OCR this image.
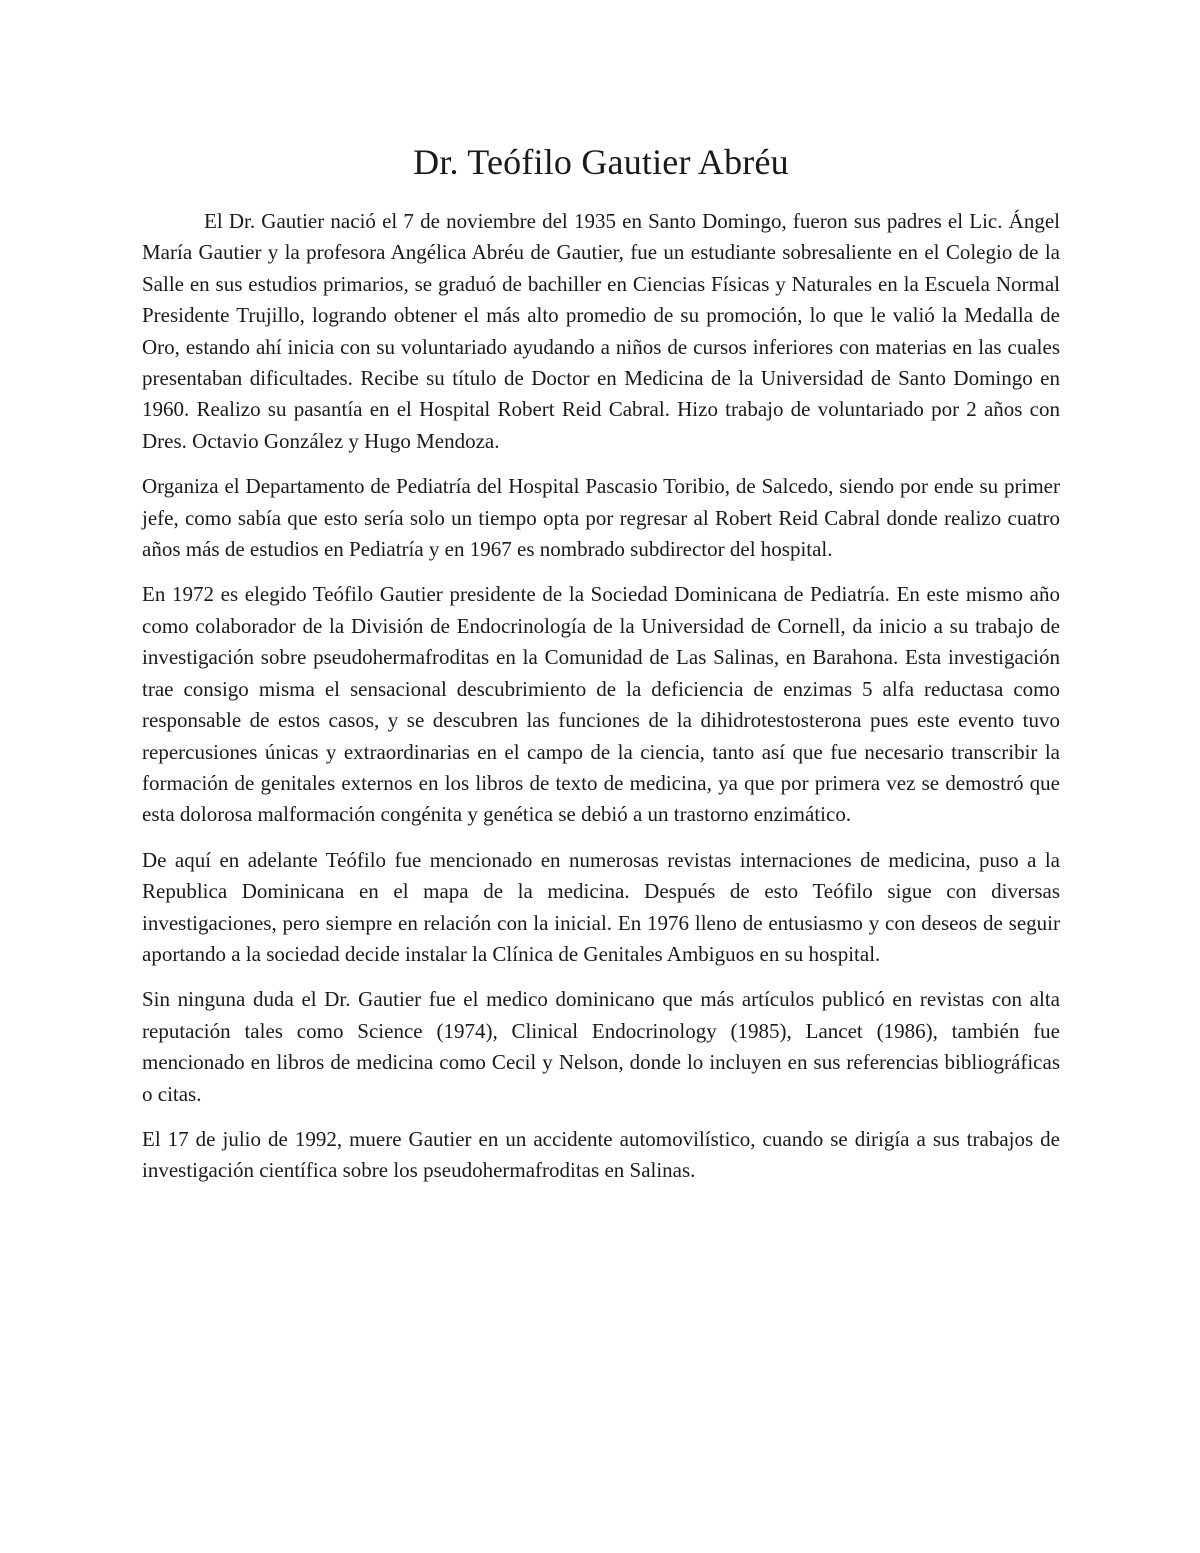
Dr. Teófilo Gautier Abréu

El Dr. Gautier nació el 7 de noviembre del 1935 en Santo Domingo, fueron sus padres el Lic. Ángel María Gautier y la profesora Angélica Abréu de Gautier, fue un estudiante sobresaliente en el Colegio de la Salle en sus estudios primarios, se graduó de bachiller en Ciencias Físicas y Naturales en la Escuela Normal Presidente Trujillo, logrando obtener el más alto promedio de su promoción, lo que le valió la Medalla de Oro, estando ahí inicia con su voluntariado ayudando a niños de cursos inferiores con materias en las cuales presentaban dificultades. Recibe su título de Doctor en Medicina de la Universidad de Santo Domingo en 1960. Realizo su pasantía en el Hospital Robert Reid Cabral. Hizo trabajo de voluntariado por 2 años con Dres. Octavio González y Hugo Mendoza.

Organiza el Departamento de Pediatría del Hospital Pascasio Toribio, de Salcedo, siendo por ende su primer jefe, como sabía que esto sería solo un tiempo opta por regresar al Robert Reid Cabral donde realizo cuatro años más de estudios en Pediatría y en 1967 es nombrado subdirector del hospital.

En 1972 es elegido Teófilo Gautier presidente de la Sociedad Dominicana de Pediatría. En este mismo año como colaborador de la División de Endocrinología de la Universidad de Cornell, da inicio a su trabajo de investigación sobre pseudohermafroditas en la Comunidad de Las Salinas, en Barahona. Esta investigación trae consigo misma el sensacional descubrimiento de la deficiencia de enzimas 5 alfa reductasa como responsable de estos casos, y se descubren las funciones de la dihidrotestosterona pues este evento tuvo repercusiones únicas y extraordinarias en el campo de la ciencia, tanto así que fue necesario transcribir la formación de genitales externos en los libros de texto de medicina, ya que por primera vez se demostró que esta dolorosa malformación congénita y genética se debió a un trastorno enzimático.

De aquí en adelante Teófilo fue mencionado en numerosas revistas internaciones de medicina, puso a la Republica Dominicana en el mapa de la medicina. Después de esto Teófilo sigue con diversas investigaciones, pero siempre en relación con la inicial. En 1976 lleno de entusiasmo y con deseos de seguir aportando a la sociedad decide instalar la Clínica de Genitales Ambiguos en su hospital.

Sin ninguna duda el Dr. Gautier fue el medico dominicano que más artículos publicó en revistas con alta reputación tales como Science (1974), Clinical Endocrinology (1985), Lancet (1986), también fue mencionado en libros de medicina como Cecil y Nelson, donde lo incluyen en sus referencias bibliográficas o citas.

El 17 de julio de 1992, muere Gautier en un accidente automovilístico, cuando se dirigía a sus trabajos de investigación científica sobre los pseudohermafroditas en Salinas.
